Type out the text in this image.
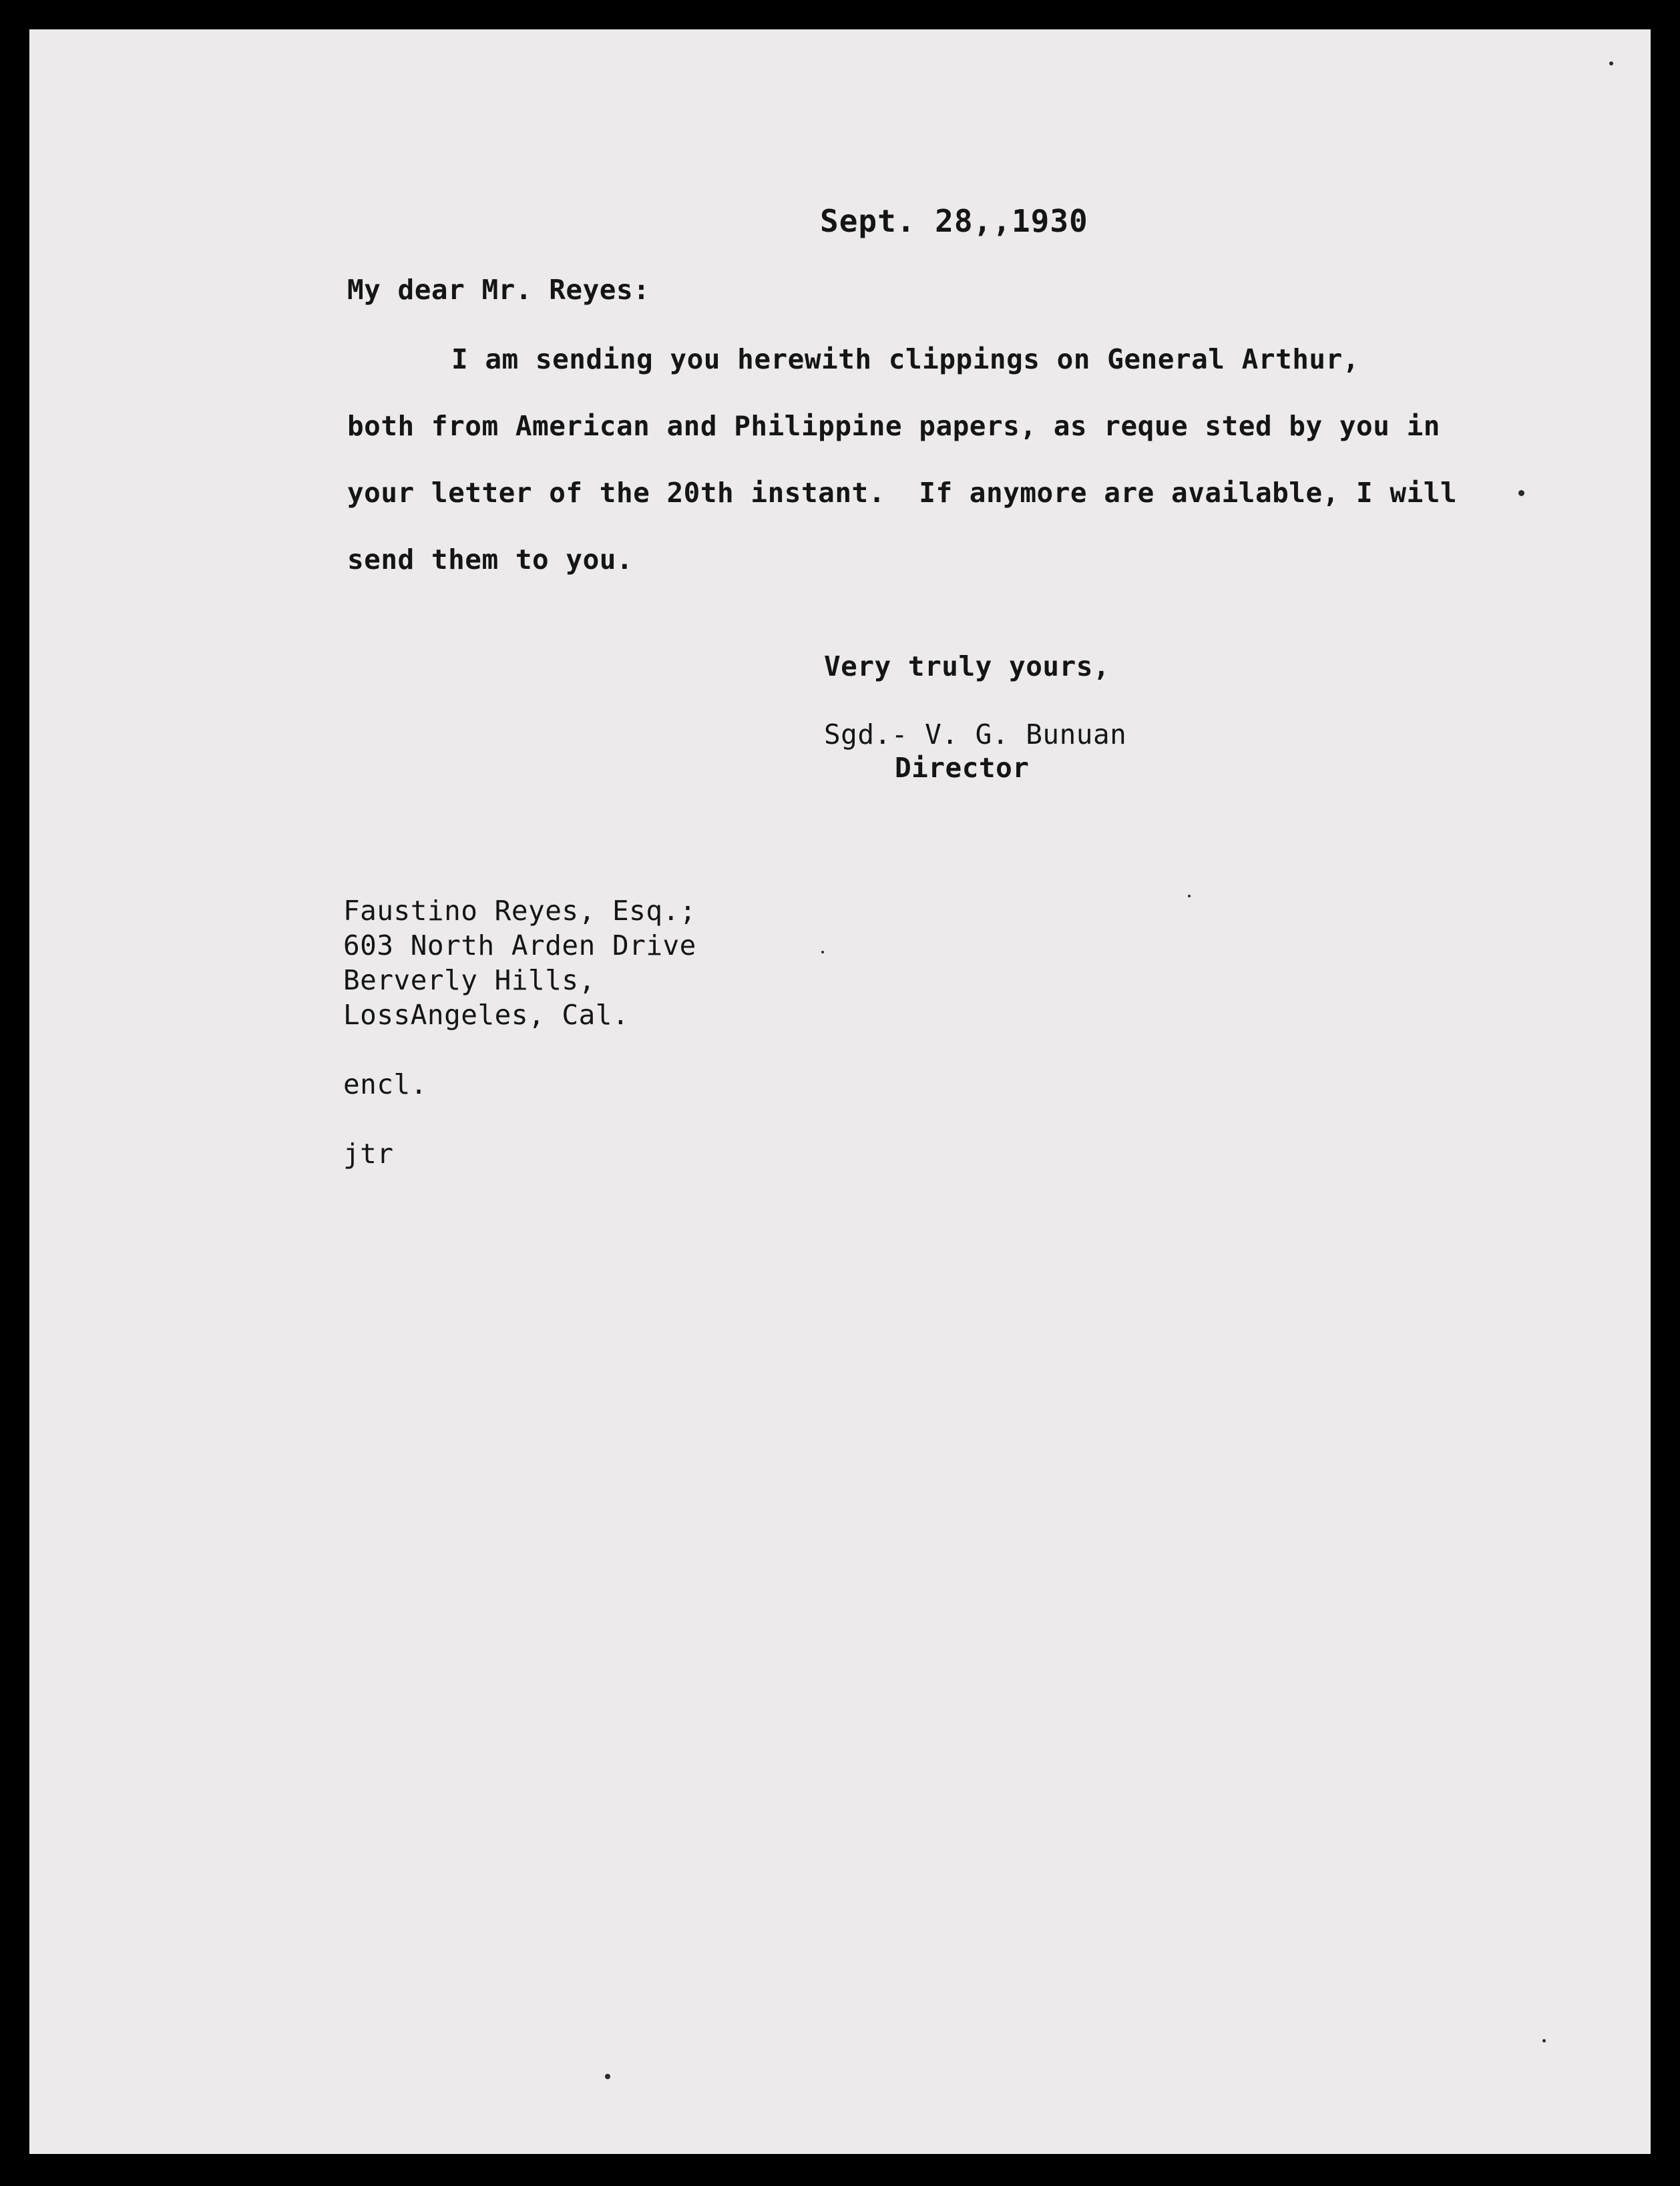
Sept. 28,,1930

My dear Mr. Reyes:

I am sending you herewith clippings on General Arthur,

both from American and Philippine papers, as reque sted by you in

your letter of the 20th instant.  If anymore are available, I will

send them to you.

Very truly yours,

Sgd.- V. G. Bunuan

Director

Faustino Reyes, Esq.;

603 North Arden Drive

Berverly Hills,

LossAngeles, Cal.

encl.

jtr
